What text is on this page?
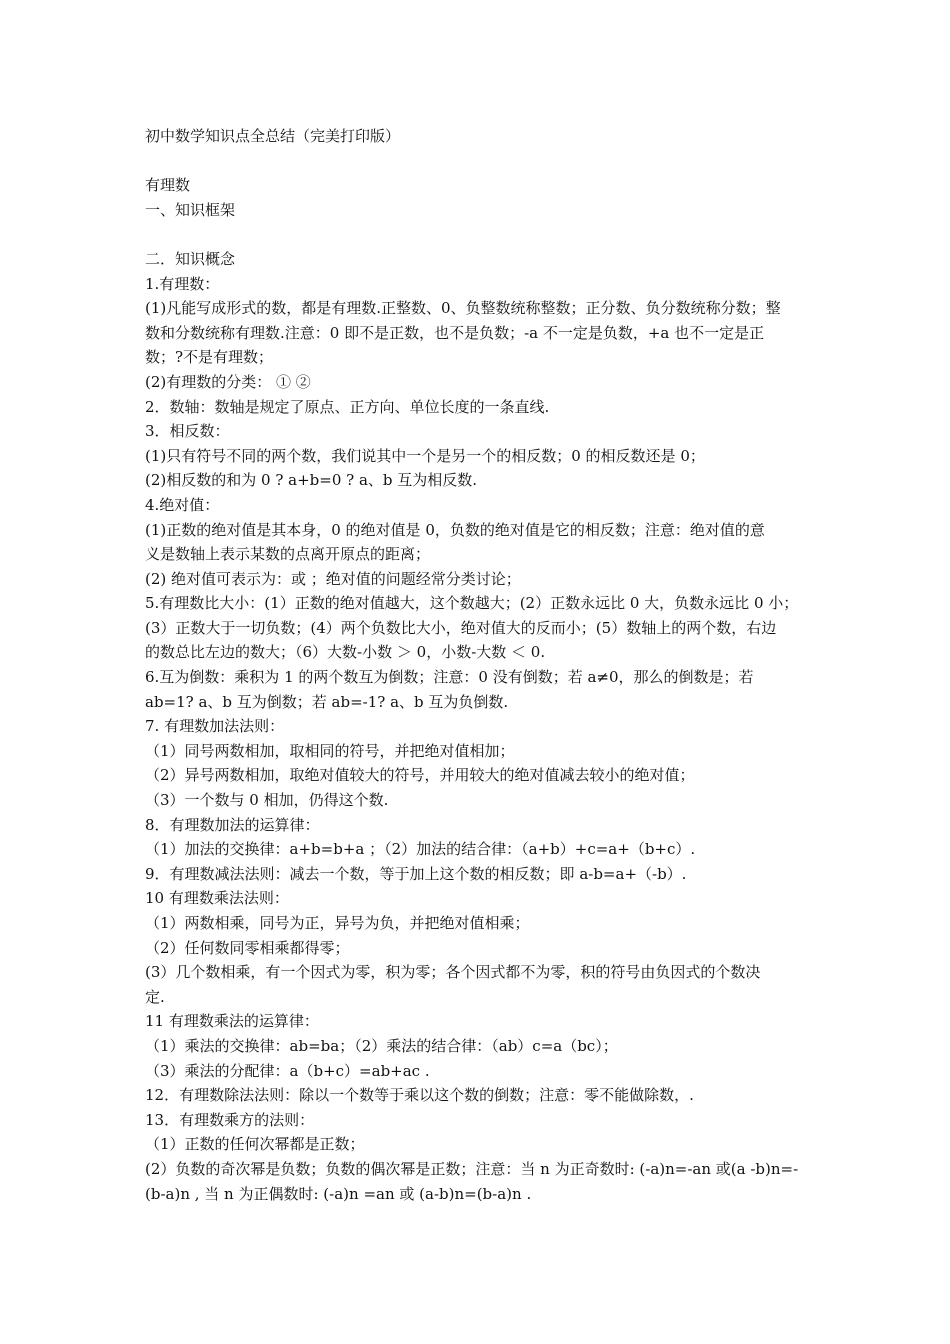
初中数学知识点全总结（完美打印版）
有理数
一、知识框架
二．知识概念
1.有理数：
(1)凡能写成形式的数，都是有理数.正整数、0、负整数统称整数；正分数、负分数统称分数；整
数和分数统称有理数.注意：0 即不是正数，也不是负数；-a 不一定是负数，+a 也不一定是正
数；?不是有理数；
(2)有理数的分类： ① ②
2．数轴：数轴是规定了原点、正方向、单位长度的一条直线.
3．相反数：
(1)只有符号不同的两个数，我们说其中一个是另一个的相反数；0 的相反数还是 0；
(2)相反数的和为 0 ? a+b=0 ? a、b 互为相反数.
4.绝对值：
(1)正数的绝对值是其本身，0 的绝对值是 0，负数的绝对值是它的相反数；注意：绝对值的意
义是数轴上表示某数的点离开原点的距离；
(2) 绝对值可表示为：或 ；绝对值的问题经常分类讨论；
5.有理数比大小：(1）正数的绝对值越大，这个数越大；(2）正数永远比 0 大，负数永远比 0 小；
(3）正数大于一切负数；(4）两个负数比大小，绝对值大的反而小；(5）数轴上的两个数，右边
的数总比左边的数大；（6）大数-小数 ＞ 0，小数-大数 ＜ 0.
6.互为倒数：乘积为 1 的两个数互为倒数；注意：0 没有倒数；若 a≠0，那么的倒数是；若
ab=1? a、b 互为倒数；若 ab=-1? a、b 互为负倒数.
7. 有理数加法法则：
（1）同号两数相加，取相同的符号，并把绝对值相加；
（2）异号两数相加，取绝对值较大的符号，并用较大的绝对值减去较小的绝对值；
（3）一个数与 0 相加，仍得这个数.
8．有理数加法的运算律：
（1）加法的交换律：a+b=b+a ；（2）加法的结合律：（a+b）+c=a+（b+c）.
9．有理数减法法则：减去一个数，等于加上这个数的相反数；即 a-b=a+（-b）.
10 有理数乘法法则：
（1）两数相乘，同号为正，异号为负，并把绝对值相乘；
（2）任何数同零相乘都得零；
(3）几个数相乘，有一个因式为零，积为零；各个因式都不为零，积的符号由负因式的个数决
定.
11 有理数乘法的运算律：
（1）乘法的交换律：ab=ba；（2）乘法的结合律：（ab）c=a（bc）；
（3）乘法的分配律：a（b+c）=ab+ac .
12．有理数除法法则：除以一个数等于乘以这个数的倒数；注意：零不能做除数，.
13．有理数乘方的法则：
（1）正数的任何次幂都是正数；
(2）负数的奇次幂是负数；负数的偶次幂是正数；注意：当 n 为正奇数时: (-a)n=-an 或(a -b)n=-
(b-a)n , 当 n 为正偶数时: (-a)n =an 或 (a-b)n=(b-a)n .
